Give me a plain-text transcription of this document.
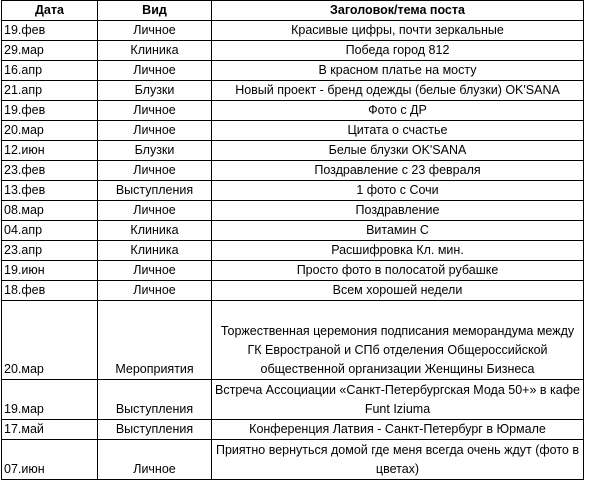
Дата	Вид	Заголовок/тема поста
19.фев	Личное	Красивые цифры, почти зеркальные
29.мар	Клиника	Победа город 812
16.апр	Личное	В красном платье на мосту
21.апр	Блузки	Новый проект - бренд одежды (белые блузки) OK'SANA
19.фев	Личное	Фото с ДР
20.мар	Личное	Цитата о счастье
12.июн	Блузки	Белые блузки OK'SANA
23.фев	Личное	Поздравление с 23 февраля
13.фев	Выступления	1 фото с Сочи
08.мар	Личное	Поздравление
04.апр	Клиника	Витамин С
23.апр	Клиника	Расшифровка Кл. мин.
19.июн	Личное	Просто фото в полосатой рубашке
18.фев	Личное	Всем хорошей недели
20.мар	Мероприятия	Торжественная церемония подписания меморандума между ГК Евространой и СПб отделения Общероссийской общественной организации Женщины Бизнеса
19.мар	Выступления	Встреча Ассоциации «Санкт-Петербургская Мода 50+» в кафе Funt Iziuma
17.май	Выступления	Конференция Латвия - Санкт-Петербург в Юрмале
07.июн	Личное	Приятно вернуться домой где меня всегда очень ждут (фото в цветах)
